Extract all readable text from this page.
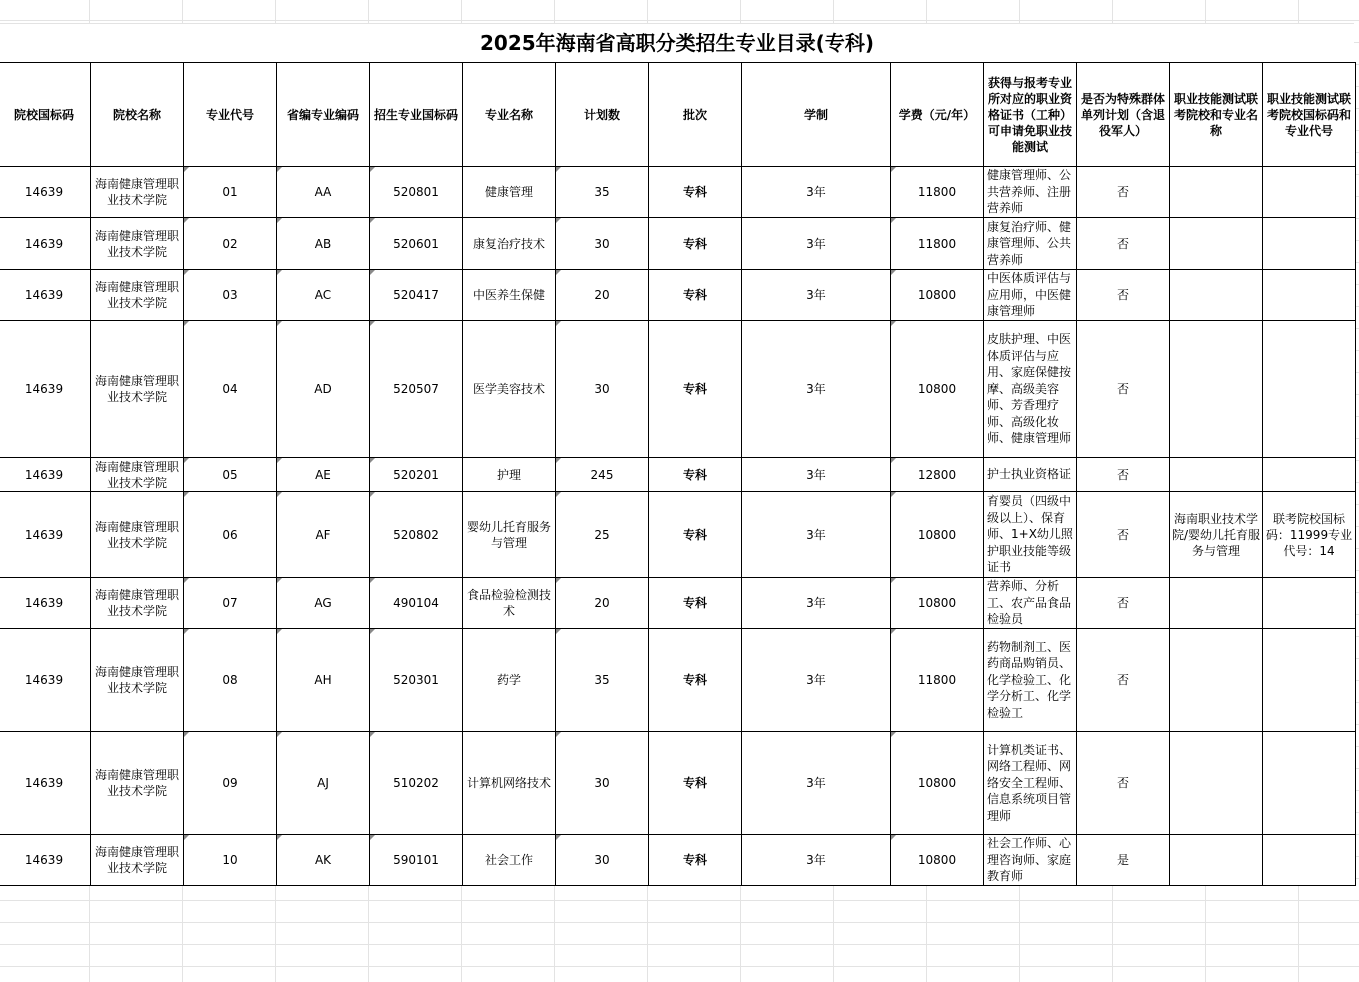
2025年海南省高职分类招生专业目录(专科)
院校国标码	院校名称	专业代号	省编专业编码	招生专业国标码	专业名称	计划数	批次	学制	学费（元/年）	获得与报考专业所对应的职业资格证书（工种）可申请免职业技能测试	是否为特殊群体单列计划（含退役军人）	职业技能测试联考院校和专业名称	职业技能测试联考院校国标码和专业代号
14639	海南健康管理职业技术学院	01	AA	520801	健康管理	35	专科	3年	11800	健康管理师、公共营养师、注册营养师	否		
14639	海南健康管理职业技术学院	02	AB	520601	康复治疗技术	30	专科	3年	11800	康复治疗师、健康管理师、公共营养师	否		
14639	海南健康管理职业技术学院	03	AC	520417	中医养生保健	20	专科	3年	10800	中医体质评估与应用师，中医健康管理师	否		
14639	海南健康管理职业技术学院	04	AD	520507	医学美容技术	30	专科	3年	10800	皮肤护理、中医体质评估与应用、家庭保健按摩、高级美容师、芳香理疗师、高级化妆师、健康管理师	否		
14639	海南健康管理职业技术学院	05	AE	520201	护理	245	专科	3年	12800	护士执业资格证	否		
14639	海南健康管理职业技术学院	06	AF	520802	婴幼儿托育服务与管理	25	专科	3年	10800	育婴员（四级中级以上）、保育师、1+X幼儿照护职业技能等级证书	否	海南职业技术学院/婴幼儿托育服务与管理	联考院校国标码：11999专业代号：14
14639	海南健康管理职业技术学院	07	AG	490104	食品检验检测技术	20	专科	3年	10800	营养师、分析工、农产品食品检验员	否		
14639	海南健康管理职业技术学院	08	AH	520301	药学	35	专科	3年	11800	药物制剂工、医药商品购销员、化学检验工、化学分析工、化学检验工	否		
14639	海南健康管理职业技术学院	09	AJ	510202	计算机网络技术	30	专科	3年	10800	计算机类证书、网络工程师、网络安全工程师、信息系统项目管理师	否		
14639	海南健康管理职业技术学院	10	AK	590101	社会工作	30	专科	3年	10800	社会工作师、心理咨询师、家庭教育师	是		
